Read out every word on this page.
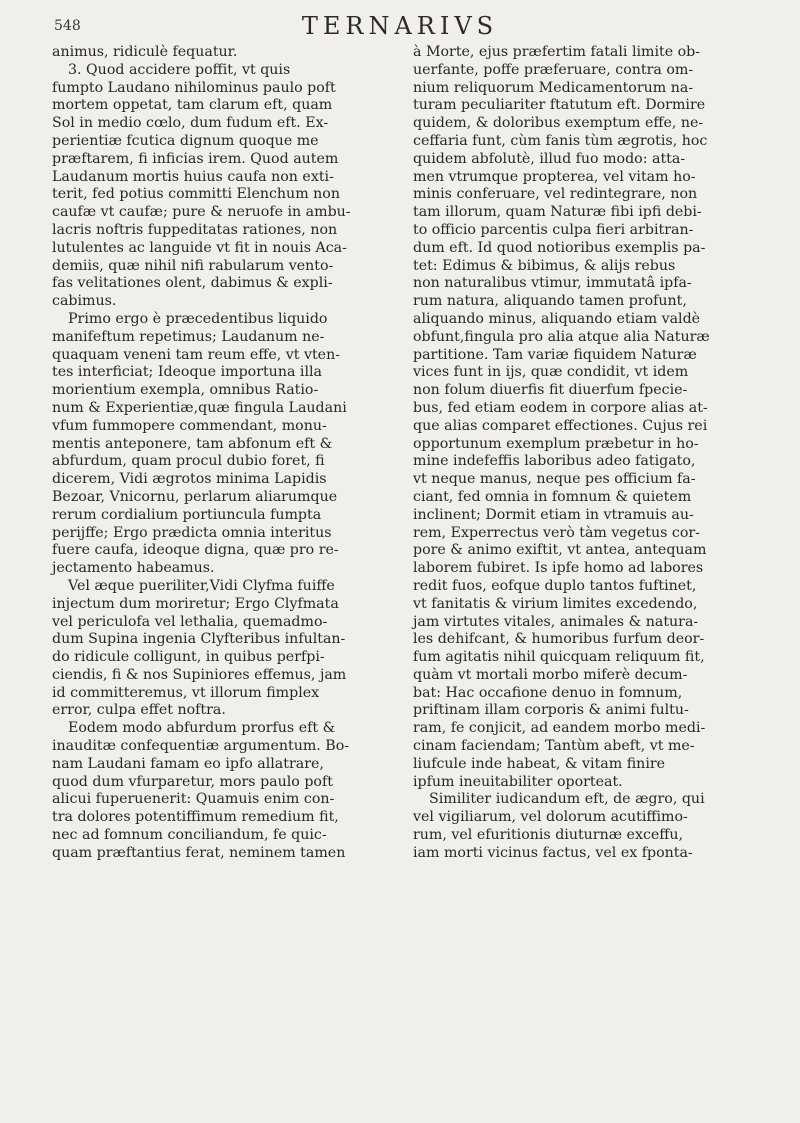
548	TERNARIVS
animus, ridiculè fequatur.
3. Quod accidere poffit, vt quis
fumpto Laudano nihilominus paulo poft
mortem oppetat, tam clarum eft, quam
Sol in medio cœlo, dum fudum eft. Ex-
perientiæ fcutica dignum quoque me
præftarem, fi inficias irem. Quod autem
Laudanum mortis huius caufa non exti-
terit, fed potius committi Elenchum non
caufæ vt caufæ; pure & neruofe in ambu-
lacris noftris fuppeditatas rationes, non
lutulentes ac languide vt fit in nouis Aca-
demiis, quæ nihil nifi rabularum vento-
fas velitationes olent, dabimus & expli-
cabimus.
Primo ergo è præcedentibus liquido
manifeftum repetimus; Laudanum ne-
quaquam veneni tam reum effe, vt vten-
tes interficiat; Ideoque importuna illa
morientium exempla, omnibus Ratio-
num & Experientiæ,quæ fingula Laudani
vfum fummopere commendant, monu-
mentis anteponere, tam abfonum eft &
abfurdum, quam procul dubio foret, fi
dicerem, Vidi ægrotos minima Lapidis
Bezoar, Vnicornu, perlarum aliarumque
rerum cordialium portiuncula fumpta
perijffe; Ergo prædicta omnia interitus
fuere caufa, ideoque digna, quæ pro re-
jectamento habeamus.
Vel æque pueriliter,Vidi Clyfma fuiffe
injectum dum moriretur; Ergo Clyfmata
vel periculofa vel lethalia, quemadmo-
dum Supina ingenia Clyfteribus infultan-
do ridicule colligunt, in quibus perfpi-
ciendis, fi & nos Supiniores effemus, jam
id committeremus, vt illorum fimplex
error, culpa effet noftra.
Eodem modo abfurdum prorfus eft &
inauditæ confequentiæ argumentum. Bo-
nam Laudani famam eo ipfo allatrare,
quod dum vfurparetur, mors paulo poft
alicui fuperuenerit: Quamuis enim con-
tra dolores potentiffimum remedium fit,
nec ad fomnum conciliandum, fe quic-
quam præftantius ferat, neminem tamen
à Morte, ejus præfertim fatali limite ob-
uerfante, poffe præferuare, contra om-
nium reliquorum Medicamentorum na-
turam peculiariter ftatutum eft. Dormire
quidem, & doloribus exemptum effe, ne-
ceffaria funt, cùm fanis tùm ægrotis, hoc
quidem abfolutè, illud fuo modo: atta-
men vtrumque propterea, vel vitam ho-
minis conferuare, vel redintegrare, non
tam illorum, quam Naturæ fibi ipfi debi-
to officio parcentis culpa fieri arbitran-
dum eft. Id quod notioribus exemplis pa-
tet: Edimus & bibimus, & alijs rebus
non naturalibus vtimur, immutatâ ipfa-
rum natura, aliquando tamen profunt,
aliquando minus, aliquando etiam valdè
obfunt,fingula pro alia atque alia Naturæ
partitione. Tam variæ fiquidem Naturæ
vices funt in ijs, quæ condidit, vt idem
non folum diuerfis fit diuerfum fpecie-
bus, fed etiam eodem in corpore alias at-
que alias comparet effectiones. Cujus rei
opportunum exemplum præbetur in ho-
mine indefeffis laboribus adeo fatigato,
vt neque manus, neque pes officium fa-
ciant, fed omnia in fomnum & quietem
inclinent; Dormit etiam in vtramuis au-
rem, Experrectus verò tàm vegetus cor-
pore & animo exiftit, vt antea, antequam
laborem fubiret. Is ipfe homo ad labores
redit fuos, eofque duplo tantos fuftinet,
vt fanitatis & virium limites excedendo,
jam virtutes vitales, animales & natura-
les dehifcant, & humoribus furfum deor-
fum agitatis nihil quicquam reliquum fit,
quàm vt mortali morbo miferè decum-
bat: Hac occafione denuo in fomnum,
priftinam illam corporis & animi fultu-
ram, fe conjicit, ad eandem morbo medi-
cinam faciendam; Tantùm abeft, vt me-
liufcule inde habeat, & vitam finire
ipfum ineuitabiliter oporteat.
Similiter iudicandum eft, de ægro, qui
vel vigiliarum, vel dolorum acutiffimo-
rum, vel efuritionis diuturnæ exceffu,
iam morti vicinus factus, vel ex fponta-
